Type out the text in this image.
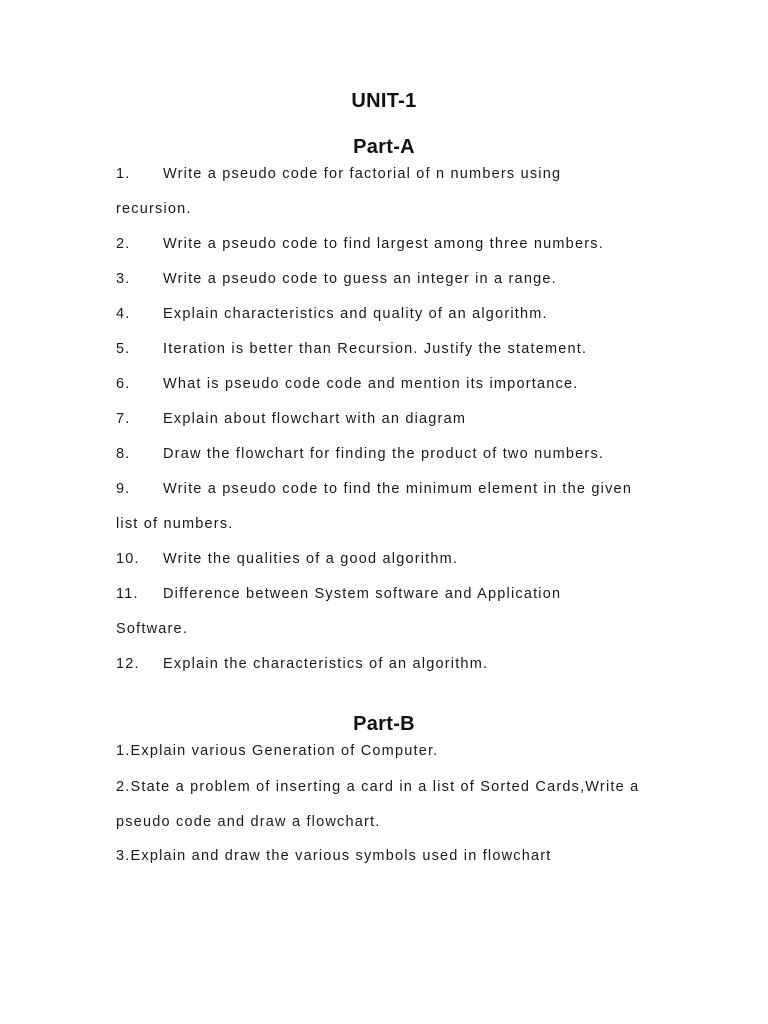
UNIT-1
Part-A
1. Write a pseudo code for factorial of n numbers using
recursion.
2. Write a pseudo code to find largest among three numbers.
3. Write a pseudo code to guess an integer in a range.
4. Explain characteristics and quality of an algorithm.
5. Iteration is better than Recursion. Justify the statement.
6. What is pseudo code code and mention its importance.
7. Explain about flowchart with an diagram
8. Draw the flowchart for finding the product of two numbers.
9. Write a pseudo code to find the minimum element in the given
list of numbers.
10. Write the qualities of a good algorithm.
11. Difference between System software and Application
Software.
12. Explain the characteristics of an algorithm.
Part-B
1.Explain various Generation of Computer.
2.State a problem of inserting a card in a list of Sorted Cards,Write a
pseudo code and draw a flowchart.
3.Explain and draw the various symbols used in flowchart
